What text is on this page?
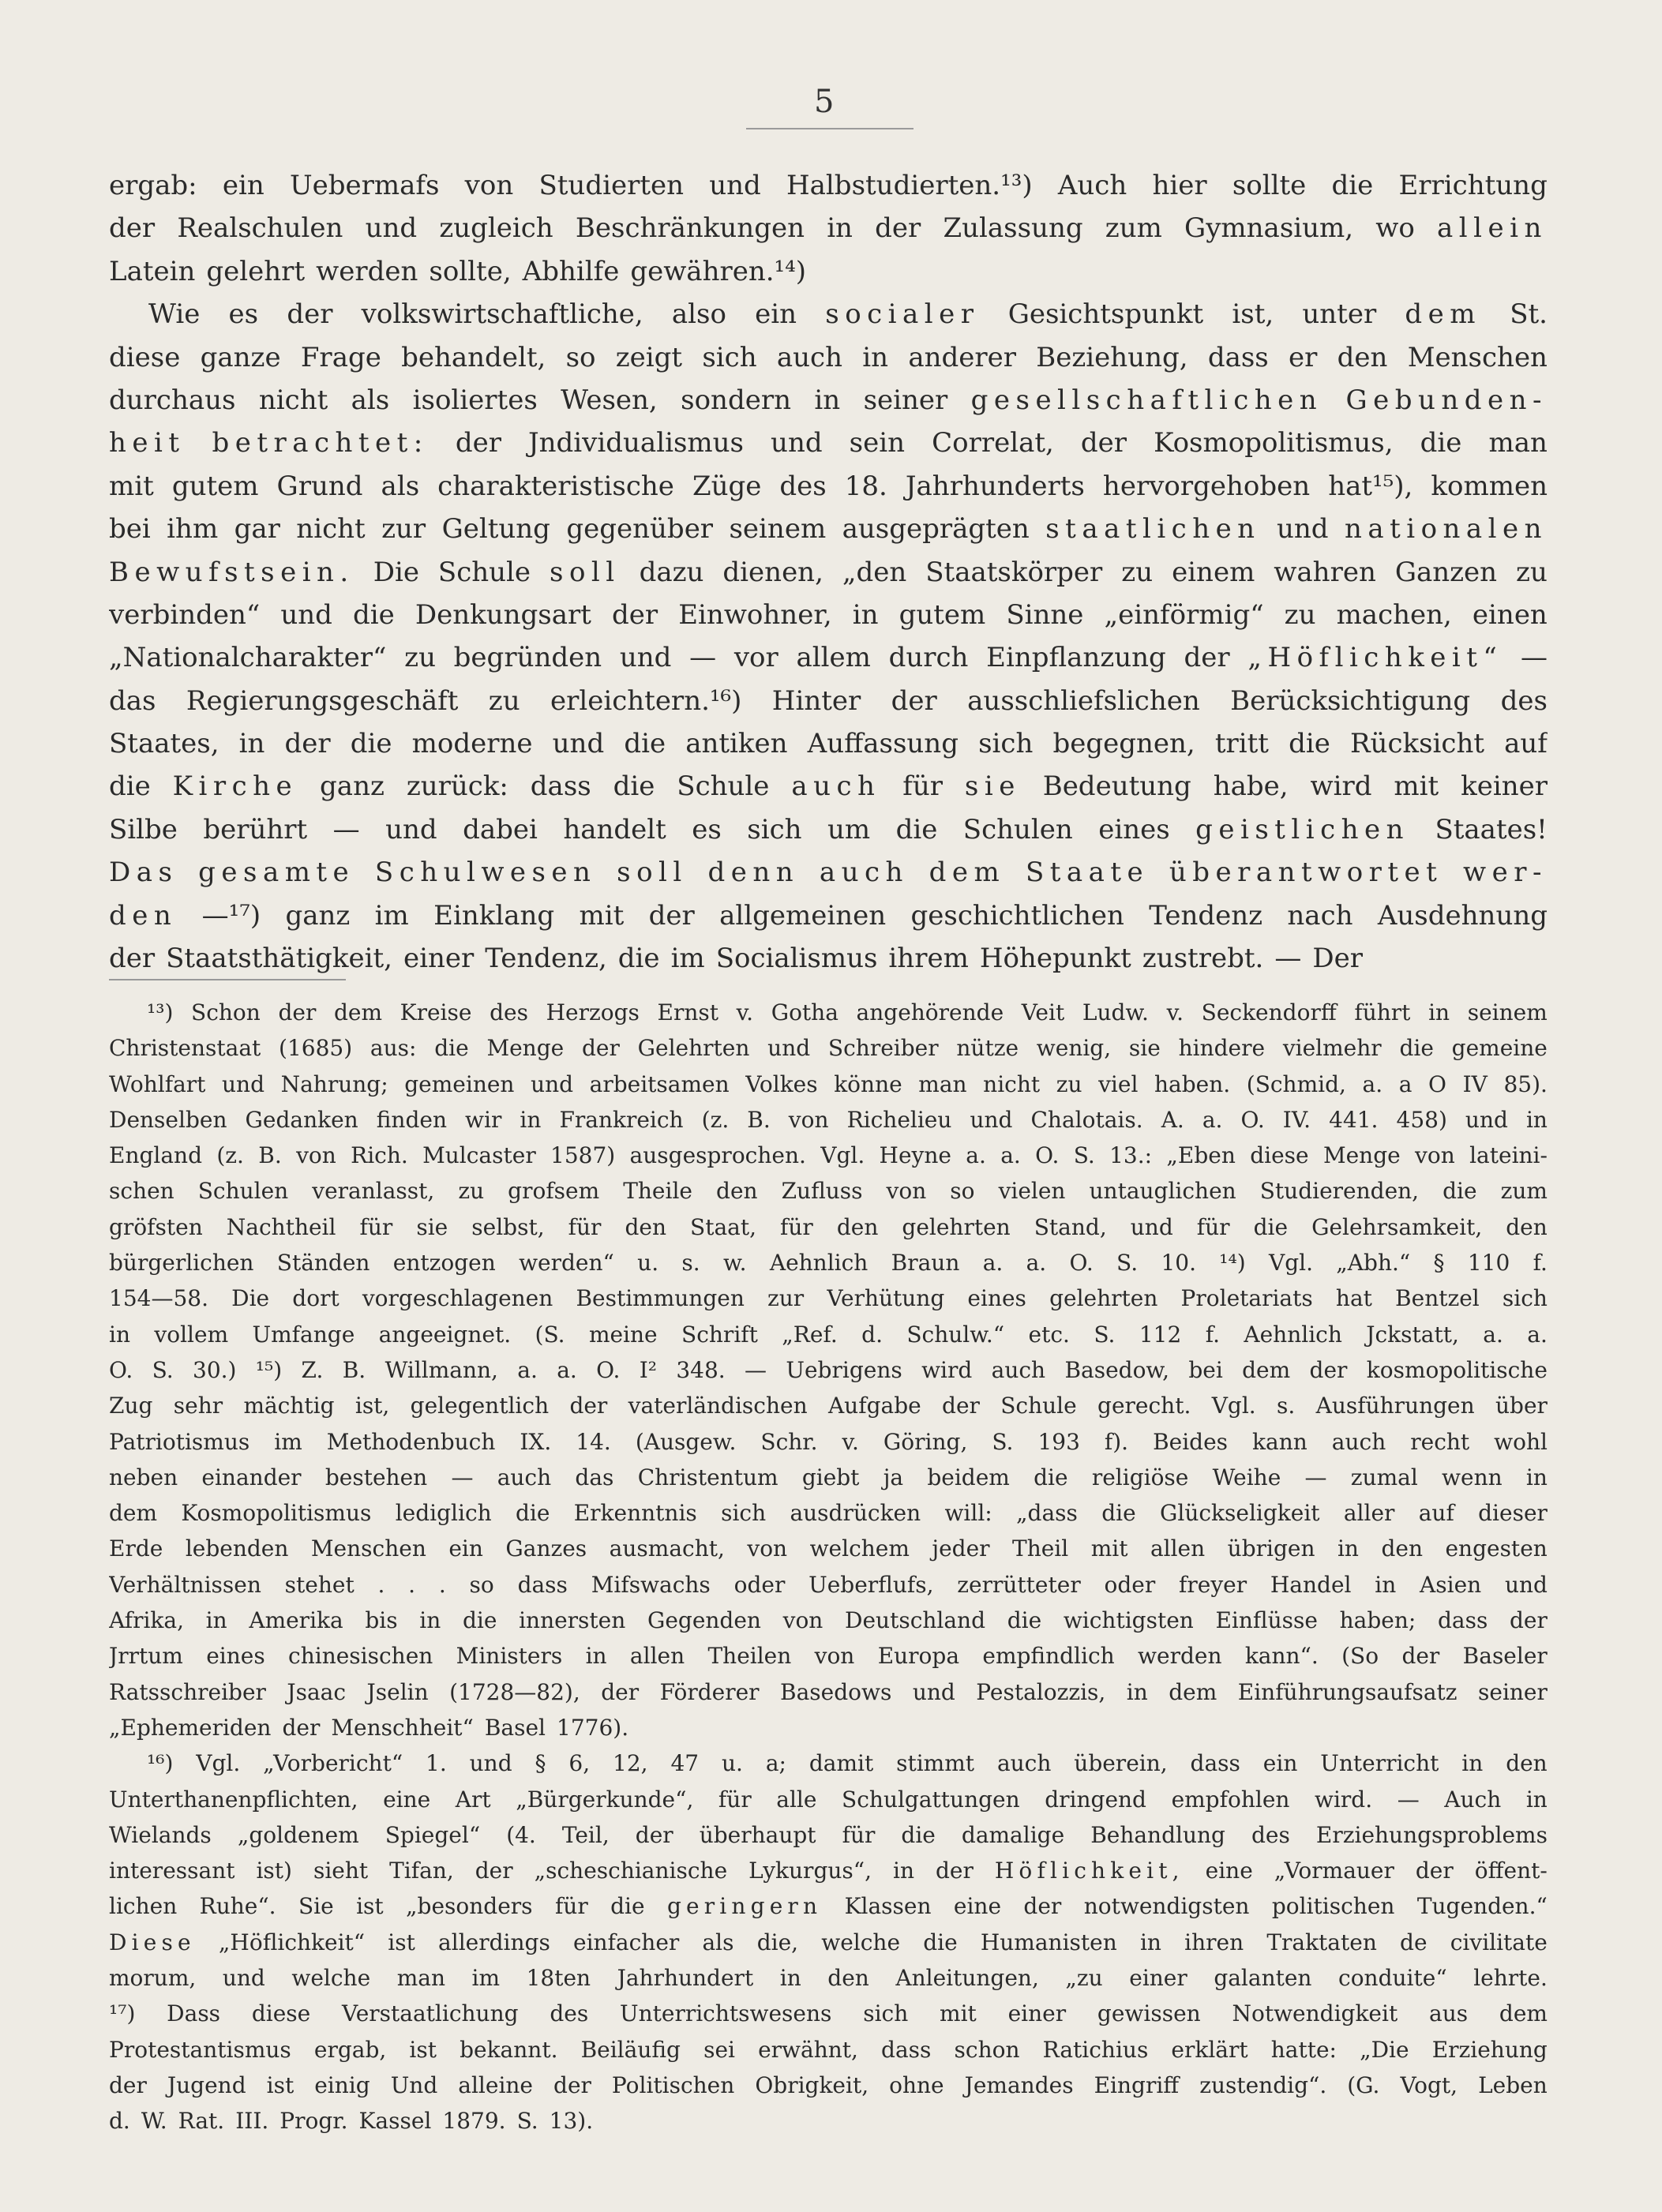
5
ergab: ein Uebermafs von Studierten und Halbstudierten.¹³) Auch hier sollte die Errichtung
der Realschulen und zugleich Beschränkungen in der Zulassung zum Gymnasium, wo allein
Latein gelehrt werden sollte, Abhilfe gewähren.¹⁴)
Wie es der volkswirtschaftliche, also ein socialer Gesichtspunkt ist, unter dem St.
diese ganze Frage behandelt, so zeigt sich auch in anderer Beziehung, dass er den Menschen
durchaus nicht als isoliertes Wesen, sondern in seiner gesellschaftlichen Gebunden-
heit betrachtet: der Jndividualismus und sein Correlat, der Kosmopolitismus, die man
mit gutem Grund als charakteristische Züge des 18. Jahrhunderts hervorgehoben hat¹⁵), kommen
bei ihm gar nicht zur Geltung gegenüber seinem ausgeprägten staatlichen und nationalen
Bewufstsein. Die Schule soll dazu dienen, „den Staatskörper zu einem wahren Ganzen zu
verbinden“ und die Denkungsart der Einwohner, in gutem Sinne „einförmig“ zu machen, einen
„Nationalcharakter“ zu begründen und — vor allem durch Einpflanzung der „Höflichkeit“ —
das Regierungsgeschäft zu erleichtern.¹⁶) Hinter der ausschliefslichen Berücksichtigung des
Staates, in der die moderne und die antiken Auffassung sich begegnen, tritt die Rücksicht auf
die Kirche ganz zurück: dass die Schule auch für sie Bedeutung habe, wird mit keiner
Silbe berührt — und dabei handelt es sich um die Schulen eines geistlichen Staates!
Das gesamte Schulwesen soll denn auch dem Staate überantwortet wer-
den —¹⁷) ganz im Einklang mit der allgemeinen geschichtlichen Tendenz nach Ausdehnung
der Staatsthätigkeit, einer Tendenz, die im Socialismus ihrem Höhepunkt zustrebt. — Der
¹³) Schon der dem Kreise des Herzogs Ernst v. Gotha angehörende Veit Ludw. v. Seckendorff führt in seinem
Christenstaat (1685) aus: die Menge der Gelehrten und Schreiber nütze wenig, sie hindere vielmehr die gemeine
Wohlfart und Nahrung; gemeinen und arbeitsamen Volkes könne man nicht zu viel haben. (Schmid, a. a O IV 85).
Denselben Gedanken finden wir in Frankreich (z. B. von Richelieu und Chalotais. A. a. O. IV. 441. 458) und in
England (z. B. von Rich. Mulcaster 1587) ausgesprochen. Vgl. Heyne a. a. O. S. 13.: „Eben diese Menge von lateini-
schen Schulen veranlasst, zu grofsem Theile den Zufluss von so vielen untauglichen Studierenden, die zum
gröfsten Nachtheil für sie selbst, für den Staat, für den gelehrten Stand, und für die Gelehrsamkeit, den
bürgerlichen Ständen entzogen werden“ u. s. w. Aehnlich Braun a. a. O. S. 10. ¹⁴) Vgl. „Abh.“ § 110 f.
154—58. Die dort vorgeschlagenen Bestimmungen zur Verhütung eines gelehrten Proletariats hat Bentzel sich
in vollem Umfange angeeignet. (S. meine Schrift „Ref. d. Schulw.“ etc. S. 112 f. Aehnlich Jckstatt, a. a.
O. S. 30.) ¹⁵) Z. B. Willmann, a. a. O. I² 348. — Uebrigens wird auch Basedow, bei dem der kosmopolitische
Zug sehr mächtig ist, gelegentlich der vaterländischen Aufgabe der Schule gerecht. Vgl. s. Ausführungen über
Patriotismus im Methodenbuch IX. 14. (Ausgew. Schr. v. Göring, S. 193 f). Beides kann auch recht wohl
neben einander bestehen — auch das Christentum giebt ja beidem die religiöse Weihe — zumal wenn in
dem Kosmopolitismus lediglich die Erkenntnis sich ausdrücken will: „dass die Glückseligkeit aller auf dieser
Erde lebenden Menschen ein Ganzes ausmacht, von welchem jeder Theil mit allen übrigen in den engesten
Verhältnissen stehet . . . so dass Mifswachs oder Ueberflufs, zerrütteter oder freyer Handel in Asien und
Afrika, in Amerika bis in die innersten Gegenden von Deutschland die wichtigsten Einflüsse haben; dass der
Jrrtum eines chinesischen Ministers in allen Theilen von Europa empfindlich werden kann“. (So der Baseler
Ratsschreiber Jsaac Jselin (1728—82), der Förderer Basedows und Pestalozzis, in dem Einführungsaufsatz seiner
„Ephemeriden der Menschheit“ Basel 1776).
¹⁶) Vgl. „Vorbericht“ 1. und § 6, 12, 47 u. a; damit stimmt auch überein, dass ein Unterricht in den
Unterthanenpflichten, eine Art „Bürgerkunde“, für alle Schulgattungen dringend empfohlen wird. — Auch in
Wielands „goldenem Spiegel“ (4. Teil, der überhaupt für die damalige Behandlung des Erziehungsproblems
interessant ist) sieht Tifan, der „scheschianische Lykurgus“, in der Höflichkeit, eine „Vormauer der öffent-
lichen Ruhe“. Sie ist „besonders für die geringern Klassen eine der notwendigsten politischen Tugenden.“
Diese „Höflichkeit“ ist allerdings einfacher als die, welche die Humanisten in ihren Traktaten de civilitate
morum, und welche man im 18ten Jahrhundert in den Anleitungen, „zu einer galanten conduite“ lehrte.
¹⁷) Dass diese Verstaatlichung des Unterrichtswesens sich mit einer gewissen Notwendigkeit aus dem
Protestantismus ergab, ist bekannt. Beiläufig sei erwähnt, dass schon Ratichius erklärt hatte: „Die Erziehung
der Jugend ist einig Und alleine der Politischen Obrigkeit, ohne Jemandes Eingriff zustendig“. (G. Vogt, Leben
d. W. Rat. III. Progr. Kassel 1879. S. 13).
